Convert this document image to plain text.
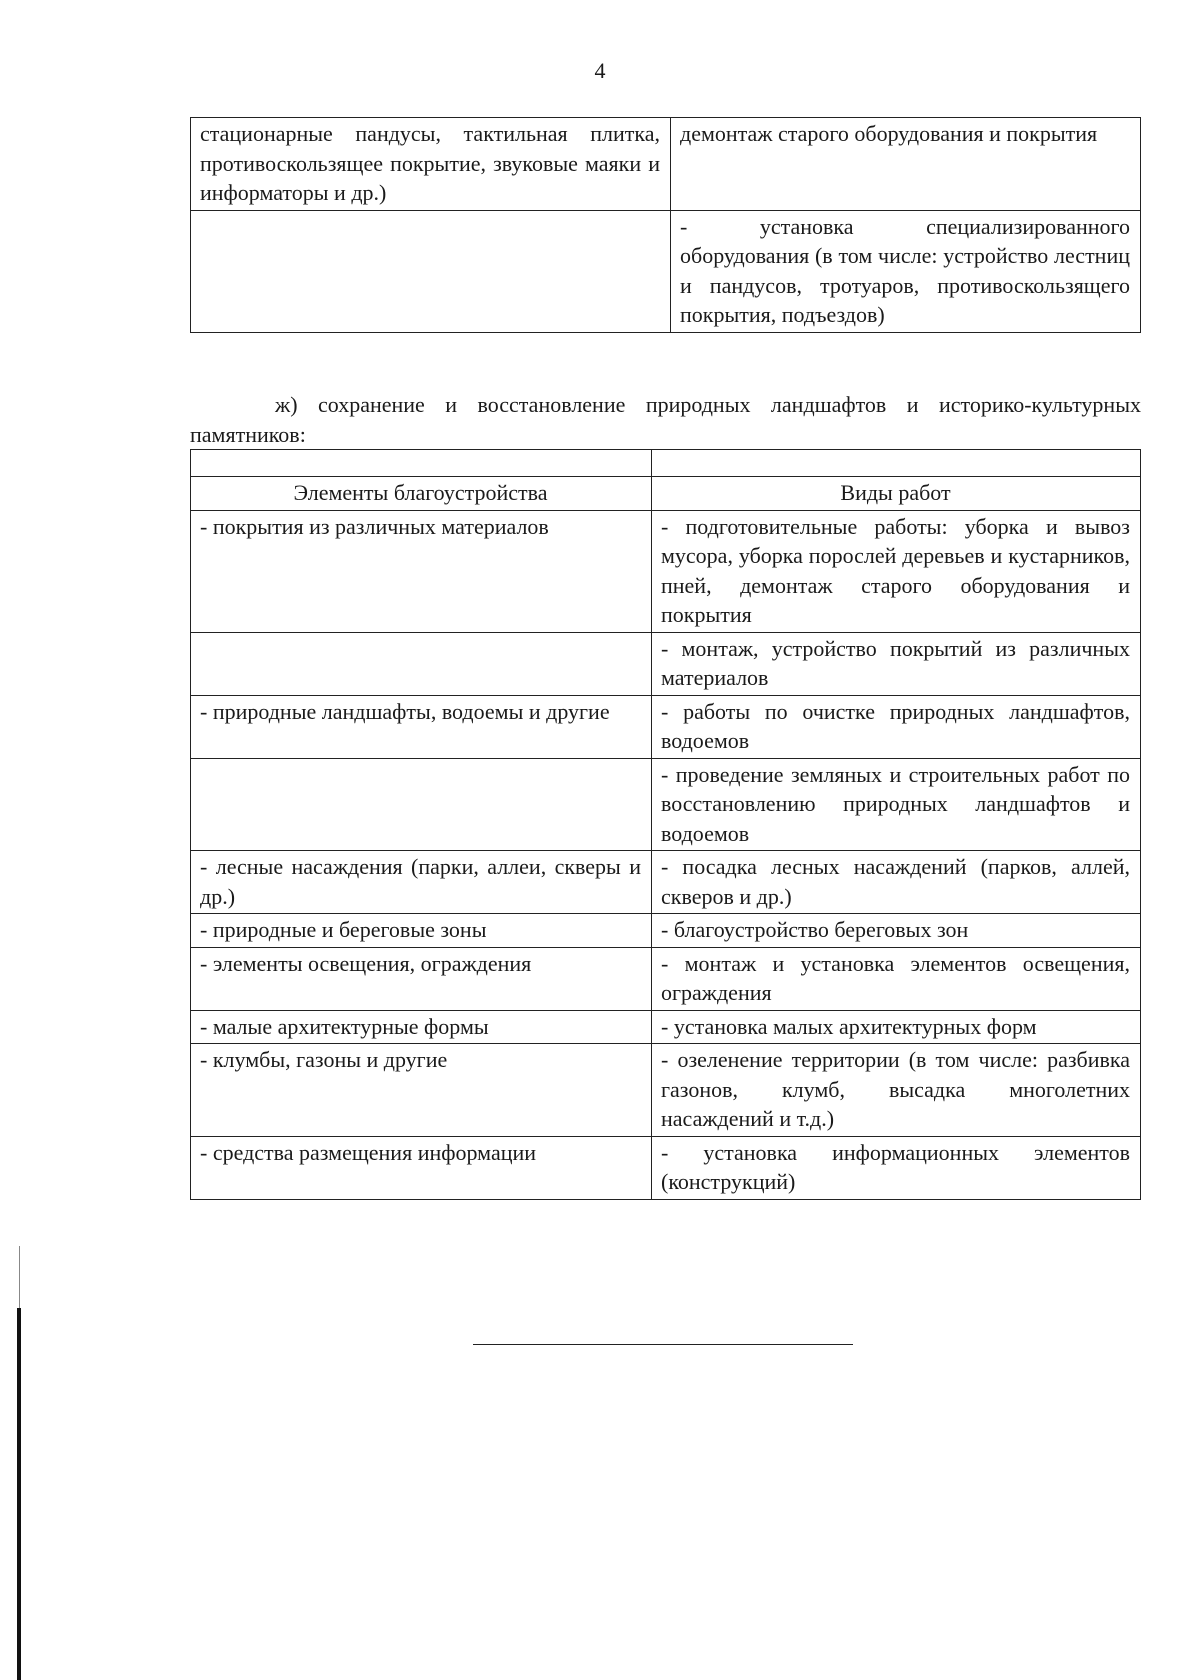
4
стационарные пандусы, тактильная плитка, противоскользящее покрытие, звуковые маяки и информаторы и др.)	демонтаж старого оборудования и покрытия
	- установка специализированного оборудования (в том числе: устройство лестниц и пандусов, тротуаров, противоскользящего покрытия, подъездов)
ж) сохранение и восстановление природных ландшафтов и историко-культурных памятников:

Элементы благоустройства	Виды работ
- покрытия из различных материалов	- подготовительные работы: уборка и вывоз мусора, уборка порослей деревьев и кустарников, пней, демонтаж старого оборудования и покрытия
	- монтаж, устройство покрытий из различных материалов
- природные ландшафты, водоемы и другие	- работы по очистке природных ландшафтов, водоемов
	- проведение земляных и строительных работ по восстановлению природных ландшафтов и водоемов
- лесные насаждения (парки, аллеи, скверы и др.)	- посадка лесных насаждений (парков, аллей, скверов и др.)
- природные и береговые зоны	- благоустройство береговых зон
- элементы освещения, ограждения	- монтаж и установка элементов освещения, ограждения
- малые архитектурные формы	- установка малых архитектурных форм
- клумбы, газоны и другие	- озеленение территории (в том числе: разбивка газонов, клумб, высадка многолетних насаждений и т.д.)
- средства размещения информации	- установка информационных элементов (конструкций)
